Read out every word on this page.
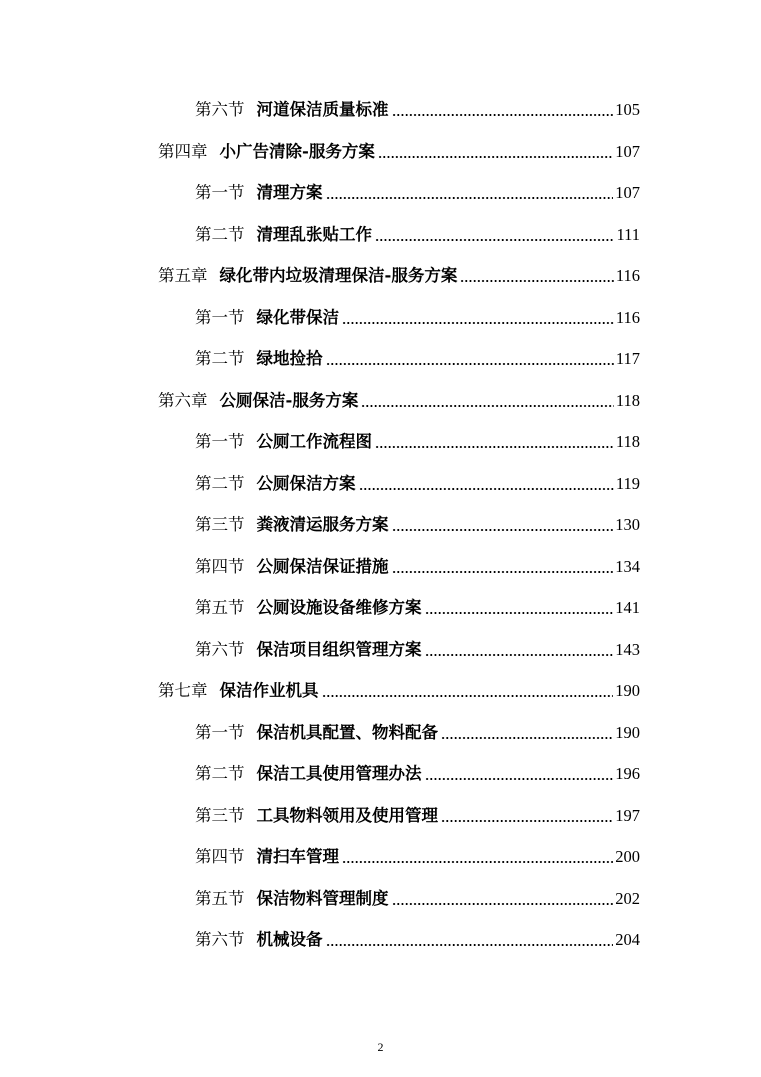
第六节 河道保洁质量标准	105
第四章 小广告清除-服务方案	107
第一节 清理方案	107
第二节 清理乱张贴工作	111
第五章 绿化带内垃圾清理保洁-服务方案	116
第一节 绿化带保洁	116
第二节 绿地捡拾	117
第六章 公厕保洁-服务方案	118
第一节 公厕工作流程图	118
第二节 公厕保洁方案	119
第三节 粪液清运服务方案	130
第四节 公厕保洁保证措施	134
第五节 公厕设施设备维修方案	141
第六节 保洁项目组织管理方案	143
第七章 保洁作业机具	190
第一节 保洁机具配置、物料配备	190
第二节 保洁工具使用管理办法	196
第三节 工具物料领用及使用管理	197
第四节 清扫车管理	200
第五节 保洁物料管理制度	202
第六节 机械设备	204
2
